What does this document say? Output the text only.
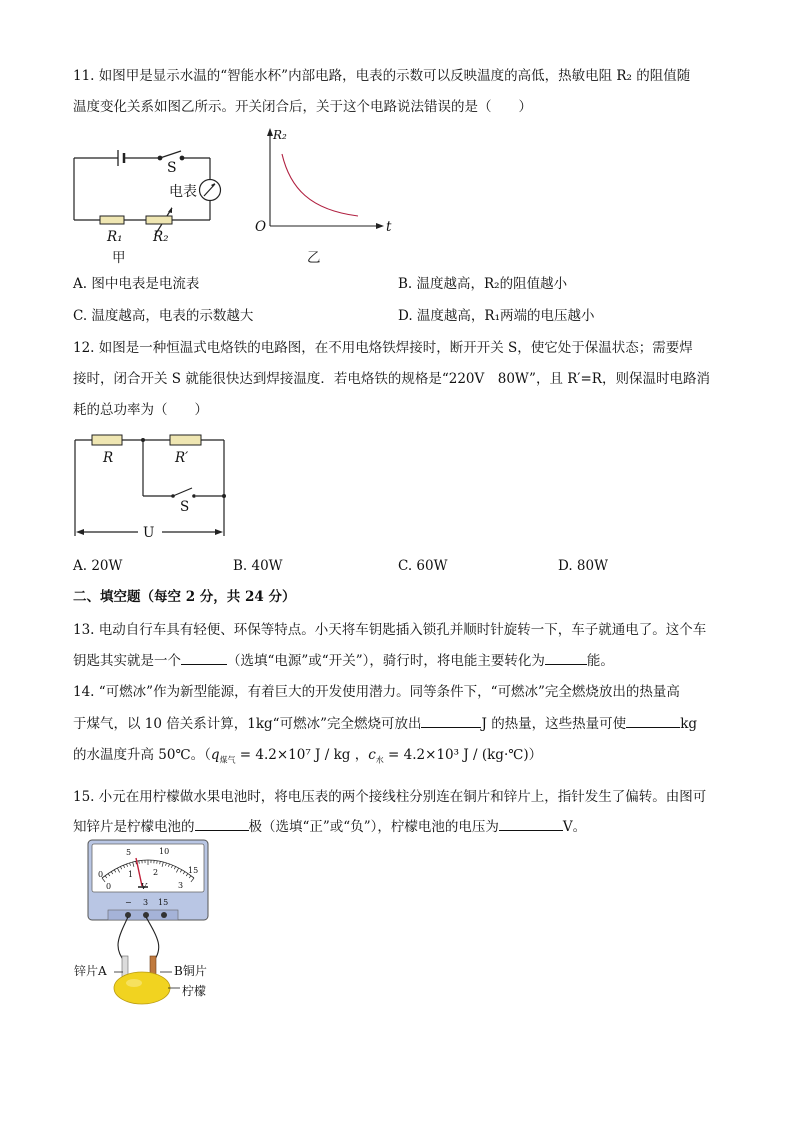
11. 如图甲是显示水温的“智能水杯”内部电路，电表的示数可以反映温度的高低，热敏电阻 R₂ 的阻值随
温度变化关系如图乙所示。开关闭合后，关于这个电路说法错误的是（　　）
S
电表
R₁ R₂
甲
R₂
t
O
乙
A. 图中电表是电流表	B. 温度越高，R₂的阻值越小
C. 温度越高，电表的示数越大	D. 温度越高，R₁两端的电压越小
12. 如图是一种恒温式电烙铁的电路图，在不用电烙铁焊接时，断开开关 S，使它处于保温状态；需要焊
接时，闭合开关 S 就能很快达到焊接温度．若电烙铁的规格是“220V　80W”，且 R′=R，则保温时电路消
耗的总功率为（　　）
R	R′
S
U
A. 20W	B. 40W	C. 60W	D. 80W
二、填空题（每空 2 分，共 24 分）
13. 电动自行车具有轻便、环保等特点。小天将车钥匙插入锁孔并顺时针旋转一下，车子就通电了。这个车
钥匙其实就是一个	（选填“电源”或“开关”），骑行时，将电能主要转化为	能。
14. “可燃冰”作为新型能源，有着巨大的开发使用潜力。同等条件下，“可燃冰”完全燃烧放出的热量高
于煤气，以 10 倍关系计算，1kg“可燃冰”完全燃烧可放出	J 的热量，这些热量可使	kg
的水温度升高 50℃。（$q_{煤气} = 4.2\times 10^7$ J / kg ，$c_水 = 4.2\times 10^3$ J / (kg·℃)）
15. 小元在用柠檬做水果电池时，将电压表的两个接线柱分别连在铜片和锌片上，指针发生了偏转。由图可
知锌片是柠檬电池的	极（选填“正”或“负”），柠檬电池的电压为	V。
0
5	10
15
0
1 2
3
V
− 3 15
锌片A	B铜片
柠檬
